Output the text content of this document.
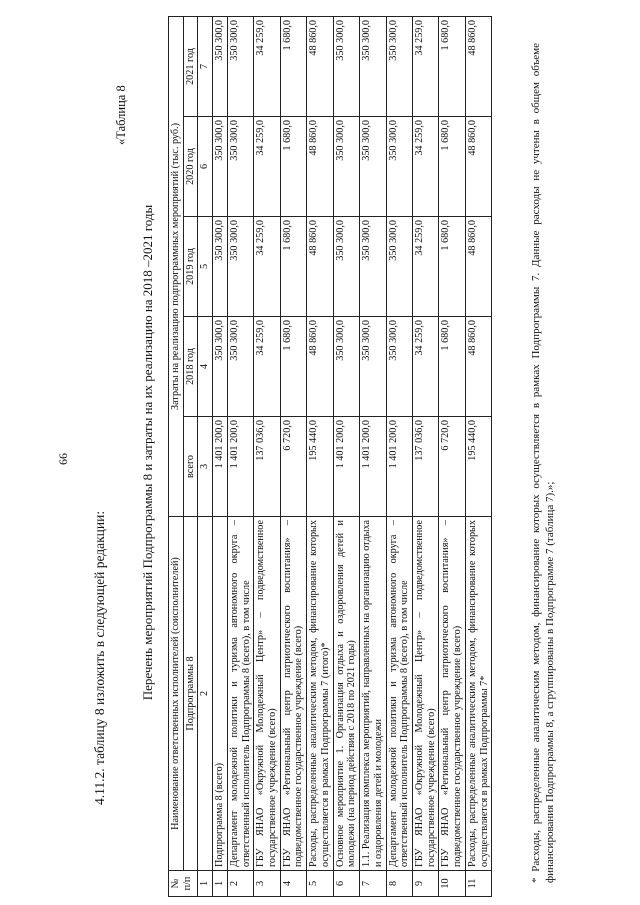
66
4.11.2. таблицу 8 изложить в следующей редакции:
«Таблица 8
Перечень мероприятий Подпрограммы 8 и затраты на их реализацию на 2018 –2021 годы
№ п/п	Наименование ответственных исполнителей (соисполнителей)	Затраты на реализацию подпрограммных мероприятий (тыс. руб.)				
	Подпрограммы 8	всего	2018 год	2019 год	2020 год	2021 год
1	2	3	4	5	6	7
1	Подпрограмма 8 (всего)	1 401 200,0	350 300,0	350 300,0	350 300,0	350 300,0
2	Департамент молодежной политики и туризма автономного округа – ответственный исполнитель Подпрограммы 8 (всего), в том числе	1 401 200,0	350 300,0	350 300,0	350 300,0	350 300,0
3	ГБУ ЯНАО «Окружной Молодежный Центр» – подведомственное государственное учреждение (всего)	137 036,0	34 259,0	34 259,0	34 259,0	34 259,0
4	ГБУ ЯНАО «Региональный центр патриотического воспитания» – подведомственное государственное учреждение (всего)	6 720,0	1 680,0	1 680,0	1 680,0	1 680,0
5	Расходы, распределенные аналитическим методом, финансирование которых осуществляется в рамках Подпрограммы 7 (итого)*	195 440,0	48 860,0	48 860,0	48 860,0	48 860,0
6	Основное мероприятие 1. Организация отдыха и оздоровления детей и молодежи (на период действия с 2018 по 2021 годы)	1 401 200,0	350 300,0	350 300,0	350 300,0	350 300,0
7	1.1. Реализация комплекса мероприятий, направленных на организацию отдыха и оздоровления детей и молодежи	1 401 200,0	350 300,0	350 300,0	350 300,0	350 300,0
8	Департамент молодежной политики и туризма автономного округа – ответственный исполнитель Подпрограммы 8 (всего), в том числе	1 401 200,0	350 300,0	350 300,0	350 300,0	350 300,0
9	ГБУ ЯНАО «Окружной Молодежный Центр» – подведомственное государственное учреждение (всего)	137 036,0	34 259,0	34 259,0	34 259,0	34 259,0
10	ГБУ ЯНАО «Региональный центр патриотического воспитания» – подведомственное государственное учреждение (всего)	6 720,0	1 680,0	1 680,0	1 680,0	1 680,0
11	Расходы, распределенные аналитическим методом, финансирование которых осуществляется в рамках Подпрограммы 7*	195 440,0	48 860,0	48 860,0	48 860,0	48 860,0
* Расходы, распределенные аналитическим методом, финансирование которых осуществляется в рамках Подпрограммы 7. Данные расходы не учтены в общем объеме финансирования Подпрограммы 8, а сгруппированы в Подпрограмме 7 (таблица 7).»;
